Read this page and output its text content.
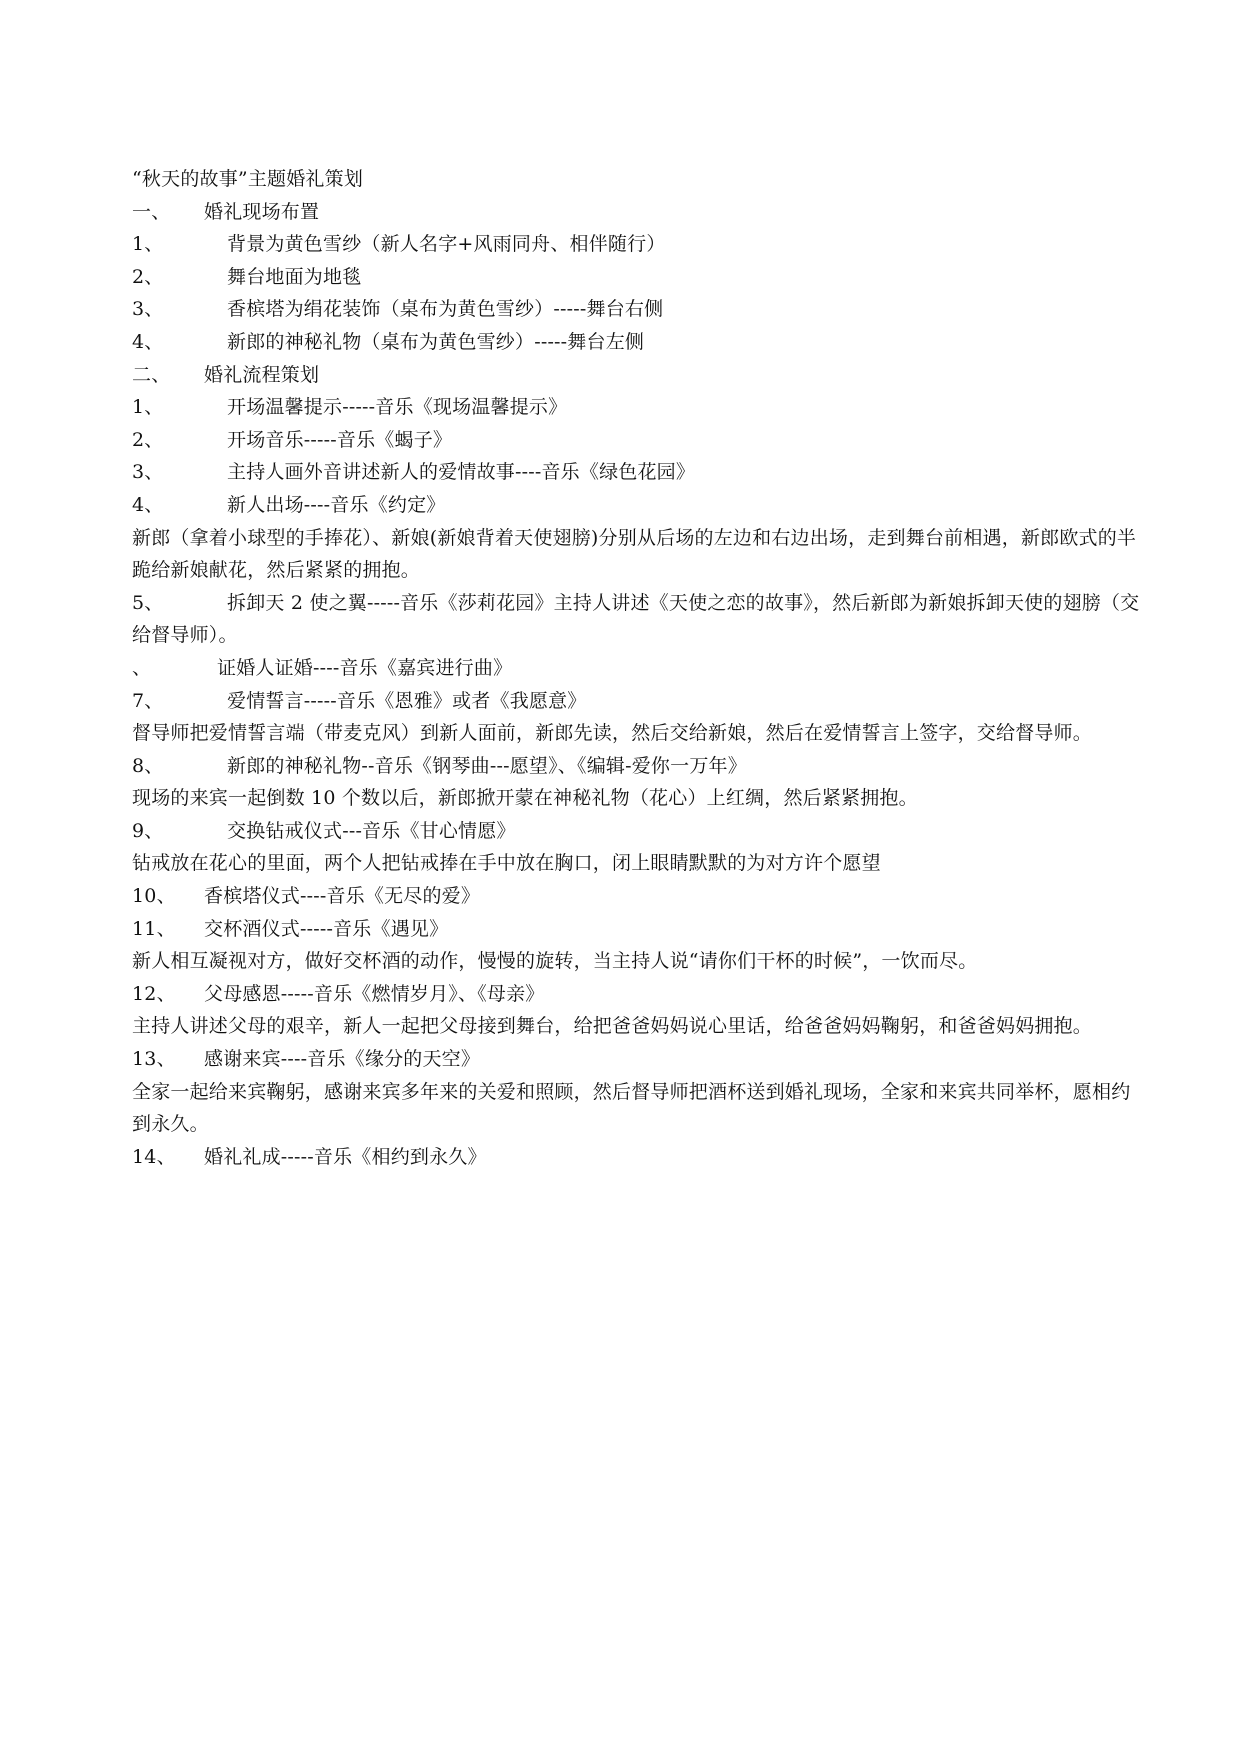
“秋天的故事”主题婚礼策划
一、 婚礼现场布置
1、	背景为黄色雪纱（新人名字+风雨同舟、相伴随行）
2、	舞台地面为地毯
3、	香槟塔为绢花装饰（桌布为黄色雪纱）-----舞台右侧
4、	新郎的神秘礼物（桌布为黄色雪纱）-----舞台左侧
二、 婚礼流程策划
1、	开场温馨提示-----音乐《现场温馨提示》
2、	开场音乐-----音乐《蝎子》
3、	主持人画外音讲述新人的爱情故事----音乐《绿色花园》
4、	新人出场----音乐《约定》
新郎（拿着小球型的手捧花）、新娘(新娘背着天使翅膀)分别从后场的左边和右边出场，走到舞台前相遇，新郎欧式的半跪给新娘献花，然后紧紧的拥抱。
5、	拆卸天 2 使之翼-----音乐《莎莉花园》主持人讲述《天使之恋的故事》，然后新郎为新娘拆卸天使的翅膀（交给督导师）。
、	证婚人证婚----音乐《嘉宾进行曲》
7、	爱情誓言-----音乐《恩雅》或者《我愿意》
督导师把爱情誓言端（带麦克风）到新人面前，新郎先读，然后交给新娘，然后在爱情誓言上签字，交给督导师。
8、	新郎的神秘礼物--音乐《钢琴曲---愿望》、《编辑-爱你一万年》
现场的来宾一起倒数 10 个数以后，新郎掀开蒙在神秘礼物（花心）上红绸，然后紧紧拥抱。
9、	交换钻戒仪式---音乐《甘心情愿》
钻戒放在花心的里面，两个人把钻戒捧在手中放在胸口，闭上眼睛默默的为对方许个愿望
10、 香槟塔仪式----音乐《无尽的爱》
11、 交杯酒仪式-----音乐《遇见》
新人相互凝视对方，做好交杯酒的动作，慢慢的旋转，当主持人说“请你们干杯的时候”，一饮而尽。
12、 父母感恩-----音乐《燃情岁月》、《母亲》
主持人讲述父母的艰辛，新人一起把父母接到舞台，给把爸爸妈妈说心里话，给爸爸妈妈鞠躬，和爸爸妈妈拥抱。
13、 感谢来宾----音乐《缘分的天空》
全家一起给来宾鞠躬，感谢来宾多年来的关爱和照顾，然后督导师把酒杯送到婚礼现场，全家和来宾共同举杯，愿相约到永久。
14、 婚礼礼成-----音乐《相约到永久》
